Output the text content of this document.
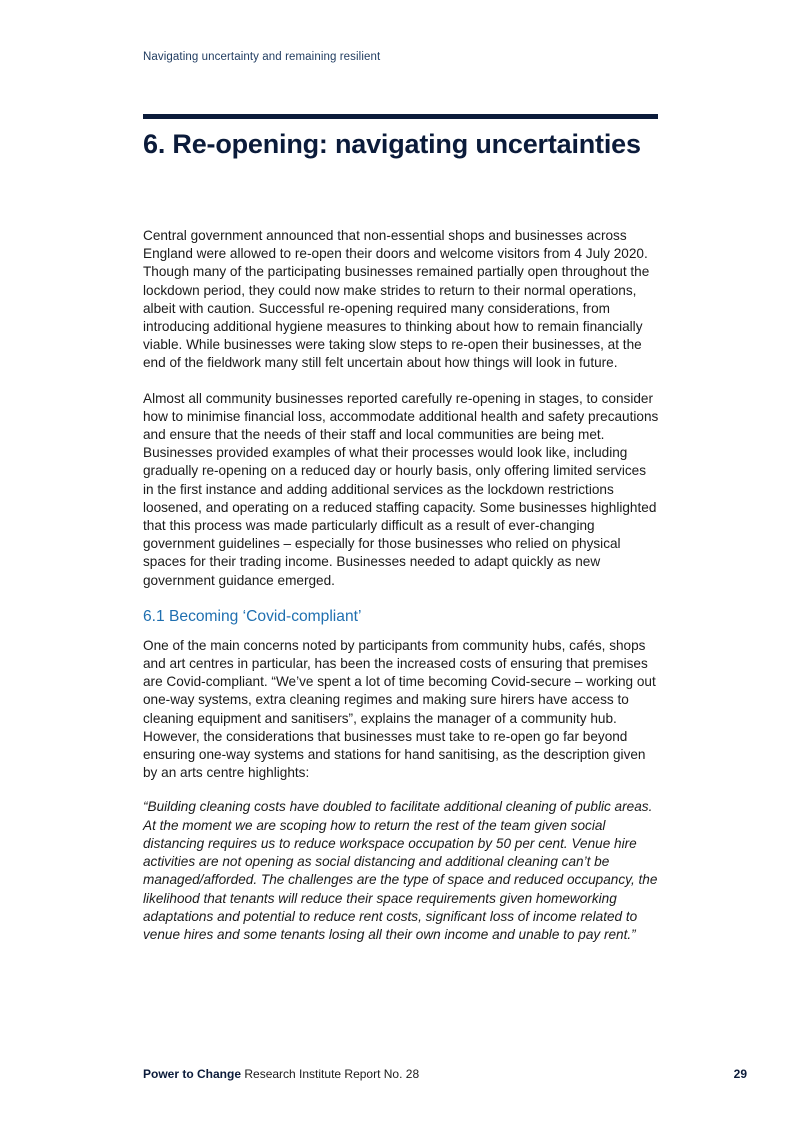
Navigating uncertainty and remaining resilient
6. Re-opening: navigating uncertainties

Central government announced that non-essential shops and businesses across England were allowed to re-open their doors and welcome visitors from 4 July 2020. Though many of the participating businesses remained partially open throughout the lockdown period, they could now make strides to return to their normal operations, albeit with caution. Successful re-opening required many considerations, from introducing additional hygiene measures to thinking about how to remain financially viable. While businesses were taking slow steps to re-open their businesses, at the end of the fieldwork many still felt uncertain about how things will look in future.

Almost all community businesses reported carefully re-opening in stages, to consider how to minimise financial loss, accommodate additional health and safety precautions and ensure that the needs of their staff and local communities are being met. Businesses provided examples of what their processes would look like, including gradually re-opening on a reduced day or hourly basis, only offering limited services in the first instance and adding additional services as the lockdown restrictions loosened, and operating on a reduced staffing capacity. Some businesses highlighted that this process was made particularly difficult as a result of ever-changing government guidelines – especially for those businesses who relied on physical spaces for their trading income. Businesses needed to adapt quickly as new government guidance emerged.

6.1 Becoming ‘Covid-compliant’

One of the main concerns noted by participants from community hubs, cafés, shops and art centres in particular, has been the increased costs of ensuring that premises are Covid-compliant. “We’ve spent a lot of time becoming Covid-secure – working out one-way systems, extra cleaning regimes and making sure hirers have access to cleaning equipment and sanitisers”, explains the manager of a community hub. However, the considerations that businesses must take to re-open go far beyond ensuring one-way systems and stations for hand sanitising, as the description given by an arts centre highlights:

“Building cleaning costs have doubled to facilitate additional cleaning of public areas. At the moment we are scoping how to return the rest of the team given social distancing requires us to reduce workspace occupation by 50 per cent. Venue hire activities are not opening as social distancing and additional cleaning can’t be managed/afforded. The challenges are the type of space and reduced occupancy, the likelihood that tenants will reduce their space requirements given homeworking adaptations and potential to reduce rent costs, significant loss of income related to venue hires and some tenants losing all their own income and unable to pay rent.”

Power to Change Research Institute Report No. 28	29
